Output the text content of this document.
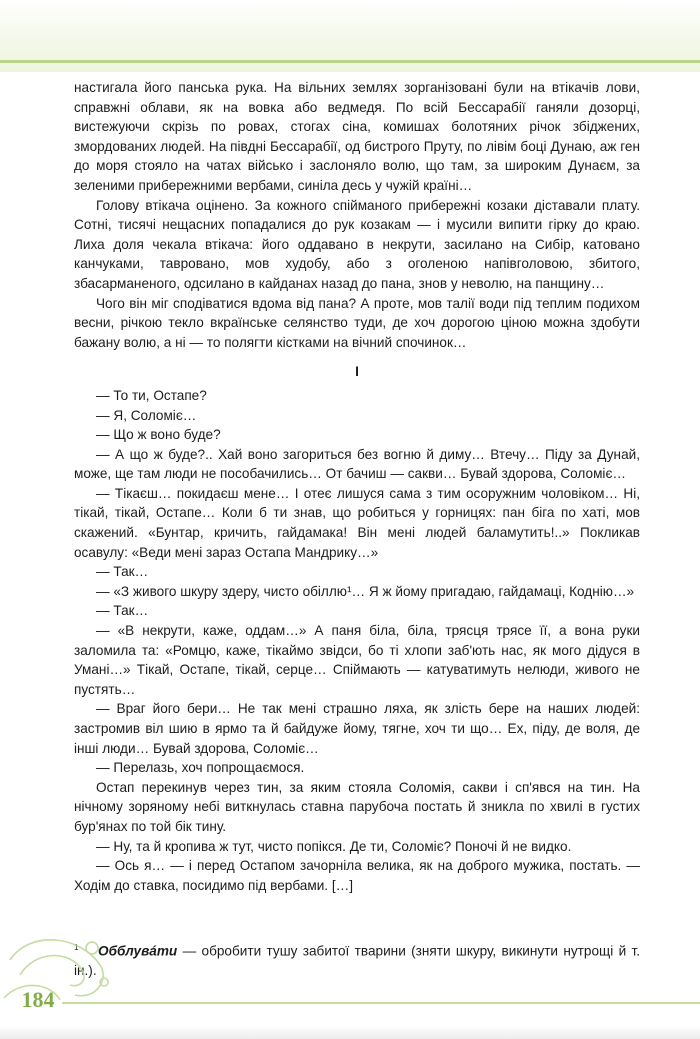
настигала його панська рука. На вільних землях зорганізовані були на втікачів лови, справжні облави, як на вовка або ведмедя. По всій Бессарабії ганяли дозорці, вистежуючи скрізь по ровах, стогах сіна, комишах болотяних річок збіджених, змордованих людей. На півдні Бессарабії, од бистрого Пруту, по лівім боці Дунаю, аж ген до моря стояло на чатах військо і заслоняло волю, що там, за широким Дунаєм, за зеленими прибережними вербами, синіла десь у чужій країні…

Голову втікача оцінено. За кожного спійманого прибережні козаки діставали плату. Сотні, тисячі нещасних попадалися до рук козакам — і мусили випити гірку до краю. Лиха доля чекала втікача: його оддавано в некрути, засилано на Сибір, катовано канчуками, тавровано, мов худобу, або з оголеною напівголовою, збитого, збасарманеного, одсилано в кайданах назад до пана, знов у неволю, на панщину…

Чого він міг сподіватися вдома від пана? А проте, мов талії води під теплим подихом весни, річкою текло вкраїнське селянство туди, де хоч дорогою ціною можна здобути бажану волю, а ні — то полягти кістками на вічний спочинок…

I

— То ти, Остапе?

— Я, Соломіє…

— Що ж воно буде?

— А що ж буде?.. Хай воно загориться без вогню й диму… Втечу… Піду за Дунай, може, ще там люди не пособачились… От бачиш — сакви… Бувай здорова, Соломіє…

— Тікаєш… покидаєш мене… І отеє лишуся сама з тим осоружним чоловіком… Ні, тікай, тікай, Остапе… Коли б ти знав, що робиться у горницях: пан біга по хаті, мов скажений. «Бунтар, кричить, гайдамака! Він мені людей баламутить!..» Покликав осавулу: «Веди мені зараз Остапа Мандрику…»

— Так…

— «З живого шкуру здеру, чисто обіллю¹… Я ж йому пригадаю, гайдамаці, Коднію…»

— Так…

— «В некрути, каже, оддам…» А паня біла, біла, трясця трясе її, а вона руки заломила та: «Ромцю, каже, тікаймо звідси, бо ті хлопи заб'ють нас, як мого дідуся в Умані…» Тікай, Остапе, тікай, серце… Спіймають — катуватимуть нелюди, живого не пустять…

— Враг його бери… Не так мені страшно ляха, як злість бере на наших людей: застромив віл шию в ярмо та й байдуже йому, тягне, хоч ти що… Ех, піду, де воля, де інші люди… Бувай здорова, Соломіє…

— Перелазь, хоч попрощаємося.

Остап перекинув через тин, за яким стояла Соломія, сакви і сп'явся на тин. На нічному зоряному небі виткнулась ставна парубоча постать й зникла по хвилі в густих бур'янах по той бік тину.

— Ну, та й кропива ж тут, чисто попікся. Де ти, Соломіє? Поночі й не видко.

— Ось я… — і перед Остапом зачорніла велика, як на доброго мужика, постать. — Ходім до ставка, посидимо під вербами. […]

$^1$ Обблувáти — обробити тушу забитої тварини (зняти шкуру, викинути нутрощі й т. ін.).
184
